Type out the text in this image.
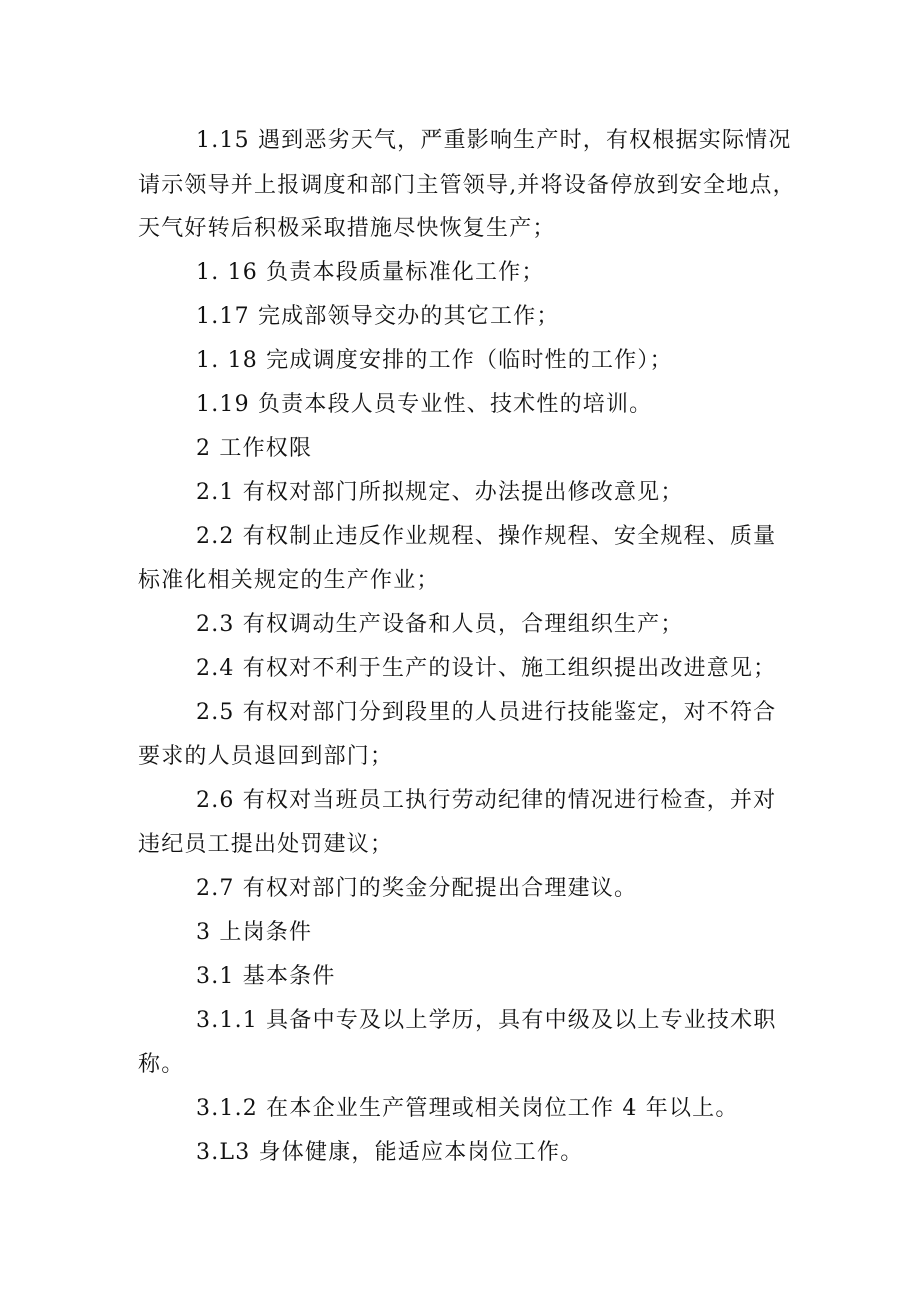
1.15 遇到恶劣天气，严重影响生产时，有权根据实际情况
请示领导并上报调度和部门主管领导,并将设备停放到安全地点，
天气好转后积极采取措施尽快恢复生产；
1. 16 负责本段质量标准化工作；
1.17 完成部领导交办的其它工作；
1. 18 完成调度安排的工作（临时性的工作）；
1.19 负责本段人员专业性、技术性的培训。
2 工作权限
2.1 有权对部门所拟规定、办法提出修改意见；
2.2 有权制止违反作业规程、操作规程、安全规程、质量
标准化相关规定的生产作业；
2.3 有权调动生产设备和人员，合理组织生产；
2.4 有权对不利于生产的设计、施工组织提出改进意见；
2.5 有权对部门分到段里的人员进行技能鉴定，对不符合
要求的人员退回到部门；
2.6 有权对当班员工执行劳动纪律的情况进行检查，并对
违纪员工提出处罚建议；
2.7 有权对部门的奖金分配提出合理建议。
3 上岗条件
3.1 基本条件
3.1.1 具备中专及以上学历，具有中级及以上专业技术职
称。
3.1.2 在本企业生产管理或相关岗位工作 4 年以上。
3.L3 身体健康，能适应本岗位工作。
